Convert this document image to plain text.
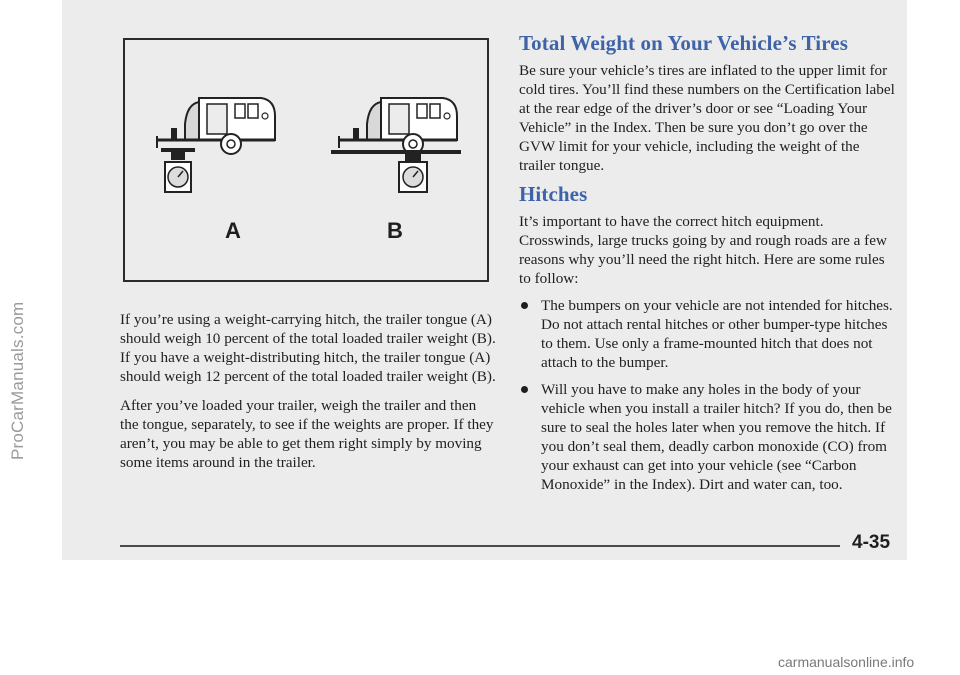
ProCarManuals.com
A	B

If you’re using a weight-carrying hitch, the trailer tongue (A) should weigh 10 percent of the total loaded trailer weight (B). If you have a weight-distributing hitch, the trailer tongue (A) should weigh 12 percent of the total loaded trailer weight (B).

After you’ve loaded your trailer, weigh the trailer and then the tongue, separately, to see if the weights are proper. If they aren’t, you may be able to get them right simply by moving some items around in the trailer.

Total Weight on Your Vehicle’s Tires

Be sure your vehicle’s tires are inflated to the upper limit for cold tires. You’ll find these numbers on the Certification label at the rear edge of the driver’s door or see “Loading Your Vehicle” in the Index. Then be sure you don’t go over the GVW limit for your vehicle, including the weight of the trailer tongue.

Hitches

It’s important to have the correct hitch equipment. Crosswinds, large trucks going by and rough roads are a few reasons why you’ll need the right hitch. Here are some rules to follow:

The bumpers on your vehicle are not intended for hitches. Do not attach rental hitches or other bumper-type hitches to them. Use only a frame-mounted hitch that does not attach to the bumper.
Will you have to make any holes in the body of your vehicle when you install a trailer hitch? If you do, then be sure to seal the holes later when you remove the hitch. If you don’t seal them, deadly carbon monoxide (CO) from your exhaust can get into your vehicle (see “Carbon Monoxide” in the Index). Dirt and water can, too.
4-35
carmanualsonline.info
